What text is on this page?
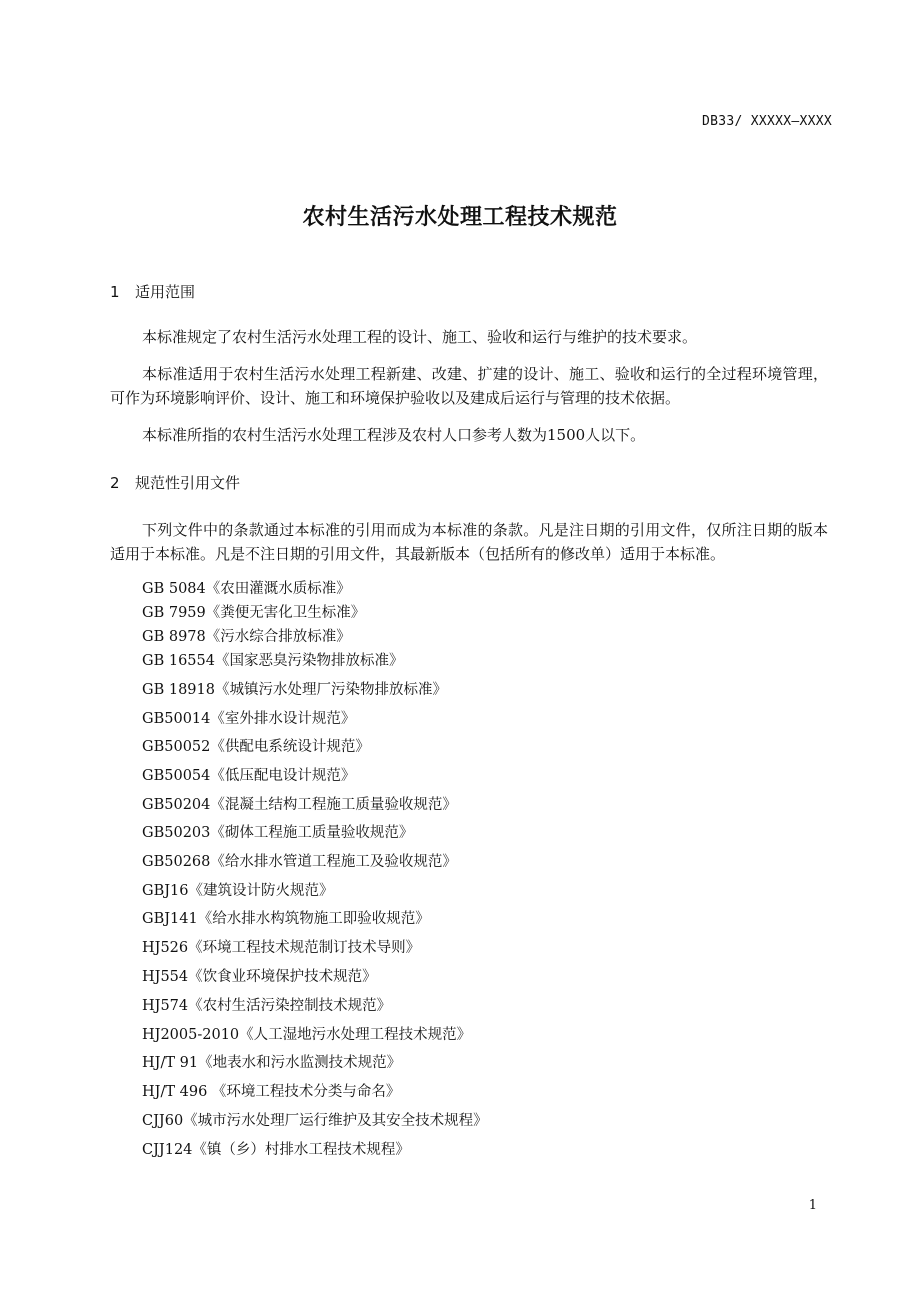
DB33/ XXXXX—XXXX
农村生活污水处理工程技术规范
1 适用范围

本标准规定了农村生活污水处理工程的设计、施工、验收和运行与维护的技术要求。

本标准适用于农村生活污水处理工程新建、改建、扩建的设计、施工、验收和运行的全过程环境管理，可作为环境影响评价、设计、施工和环境保护验收以及建成后运行与管理的技术依据。

本标准所指的农村生活污水处理工程涉及农村人口参考人数为1500人以下。

2 规范性引用文件

下列文件中的条款通过本标准的引用而成为本标准的条款。凡是注日期的引用文件，仅所注日期的版本适用于本标准。凡是不注日期的引用文件，其最新版本（包括所有的修改单）适用于本标准。

GB 5084《农田灌溉水质标准》
GB 7959《粪便无害化卫生标准》
GB 8978《污水综合排放标准》
GB 16554《国家恶臭污染物排放标准》
GB 18918《城镇污水处理厂污染物排放标准》
GB50014《室外排水设计规范》
GB50052《供配电系统设计规范》
GB50054《低压配电设计规范》
GB50204《混凝土结构工程施工质量验收规范》
GB50203《砌体工程施工质量验收规范》
GB50268《给水排水管道工程施工及验收规范》
GBJ16《建筑设计防火规范》
GBJ141《给水排水构筑物施工即验收规范》
HJ526《环境工程技术规范制订技术导则》
HJ554《饮食业环境保护技术规范》
HJ574《农村生活污染控制技术规范》
HJ2005-2010《人工湿地污水处理工程技术规范》
HJ/T 91《地表水和污水监测技术规范》
HJ/T 496 《环境工程技术分类与命名》
CJJ60《城市污水处理厂运行维护及其安全技术规程》
CJJ124《镇（乡）村排水工程技术规程》
1
